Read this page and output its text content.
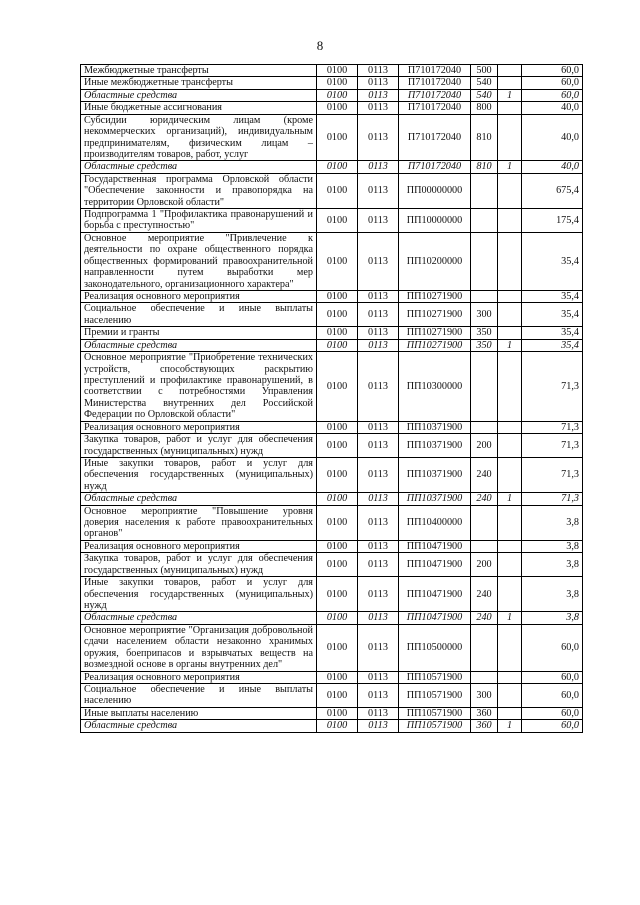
8
Межбюджетные трансферты	0100	0113	П710172040	500		60,0
Иные межбюджетные трансферты	0100	0113	П710172040	540		60,0
Областные средства	0100	0113	П710172040	540	1	60,0
Иные бюджетные ассигнования	0100	0113	П710172040	800		40,0
Субсидии юридическим лицам (кроме некоммерческих организаций), индивидуальным предпринимателям, физическим лицам – производителям товаров, работ, услуг	0100	0113	П710172040	810		40,0
Областные средства	0100	0113	П710172040	810	1	40,0
Государственная программа Орловской области "Обеспечение законности и правопорядка на территории Орловской области"	0100	0113	ПП00000000			675,4
Подпрограмма 1 "Профилактика правонарушений и борьба с преступностью"	0100	0113	ПП10000000			175,4
Основное мероприятие "Привлечение к деятельности по охране общественного порядка общественных формирований правоохранительной направленности путем выработки мер законодательного, организационного характера"	0100	0113	ПП10200000			35,4
Реализация основного мероприятия	0100	0113	ПП10271900			35,4
Социальное обеспечение и иные выплаты населению	0100	0113	ПП10271900	300		35,4
Премии и гранты	0100	0113	ПП10271900	350		35,4
Областные средства	0100	0113	ПП10271900	350	1	35,4
Основное мероприятие "Приобретение технических устройств, способствующих раскрытию преступлений и профилактике правонарушений, в соответствии с потребностями Управления Министерства внутренних дел Российской Федерации по Орловской области"	0100	0113	ПП10300000			71,3
Реализация основного мероприятия	0100	0113	ПП10371900			71,3
Закупка товаров, работ и услуг для обеспечения государственных (муниципальных) нужд	0100	0113	ПП10371900	200		71,3
Иные закупки товаров, работ и услуг для обеспечения государственных (муниципальных) нужд	0100	0113	ПП10371900	240		71,3
Областные средства	0100	0113	ПП10371900	240	1	71,3
Основное мероприятие "Повышение уровня доверия населения к работе правоохранительных органов"	0100	0113	ПП10400000			3,8
Реализация основного мероприятия	0100	0113	ПП10471900			3,8
Закупка товаров, работ и услуг для обеспечения государственных (муниципальных) нужд	0100	0113	ПП10471900	200		3,8
Иные закупки товаров, работ и услуг для обеспечения государственных (муниципальных) нужд	0100	0113	ПП10471900	240		3,8
Областные средства	0100	0113	ПП10471900	240	1	3,8
Основное мероприятие "Организация добровольной сдачи населением области незаконно хранимых оружия, боеприпасов и взрывчатых веществ на возмездной основе в органы внутренних дел"	0100	0113	ПП10500000			60,0
Реализация основного мероприятия	0100	0113	ПП10571900			60,0
Социальное обеспечение и иные выплаты населению	0100	0113	ПП10571900	300		60,0
Иные выплаты населению	0100	0113	ПП10571900	360		60,0
Областные средства	0100	0113	ПП10571900	360	1	60,0
